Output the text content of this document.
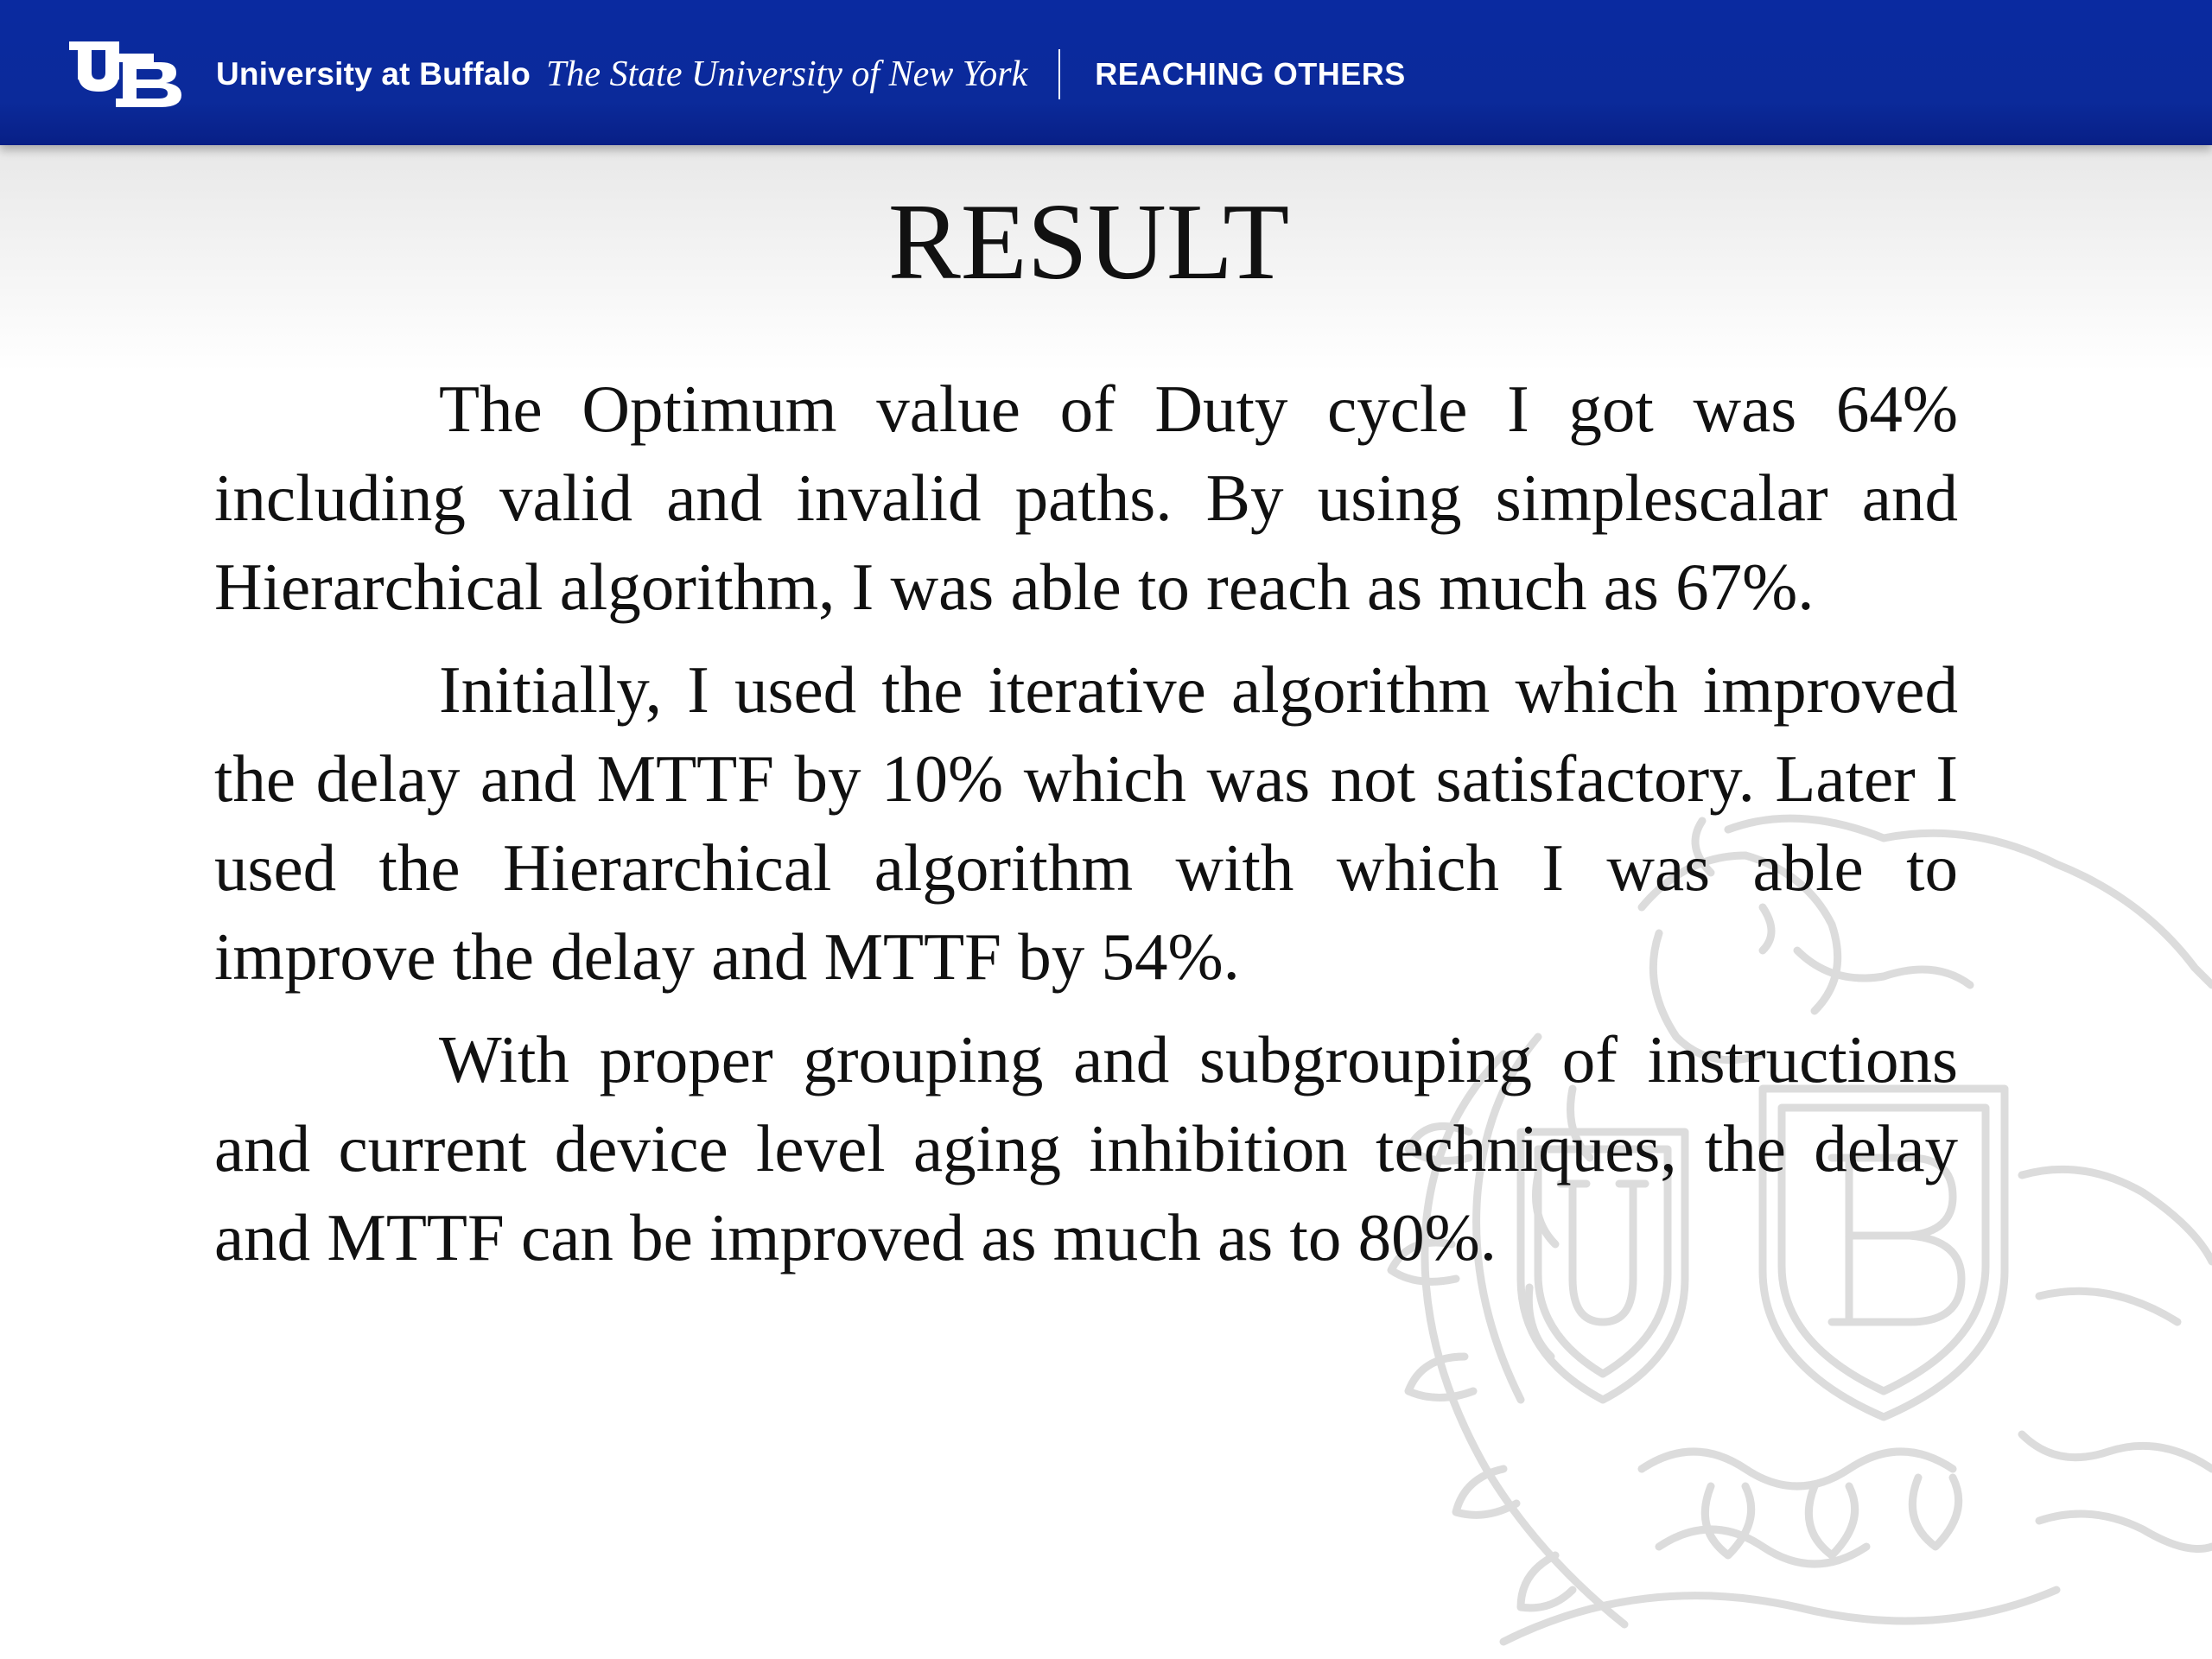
University at Buffalo The State University of New York REACHING OTHERS
RESULT

The Optimum value of Duty cycle I got was 64% including valid and invalid paths. By using simplescalar and Hierarchical algorithm, I was able to reach as much as 67%.

Initially, I used the iterative algorithm which improved the delay and MTTF by 10% which was not satisfactory. Later I used the Hierarchical algorithm with which I was able to improve the delay and MTTF by 54%.

With proper grouping and subgrouping of instructions and current device level aging inhibition techniques, the delay and MTTF can be improved as much as to 80%.
